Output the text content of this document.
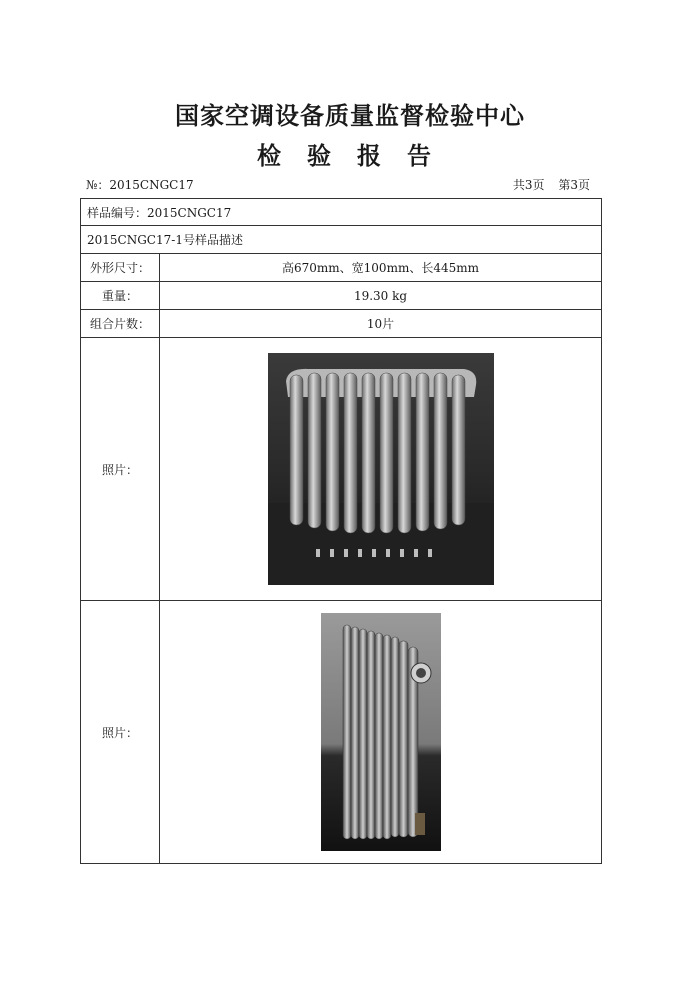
国家空调设备质量监督检验中心
检验报告
№：2015CNGC17	共3页 第3页
样品编号：2015CNGC17	
2015CNGC17-1号样品描述	
外形尺寸：	高670mm、宽100mm、长445mm
重量：	19.30 kg
组合片数：	10片
照片：	

照片：	
